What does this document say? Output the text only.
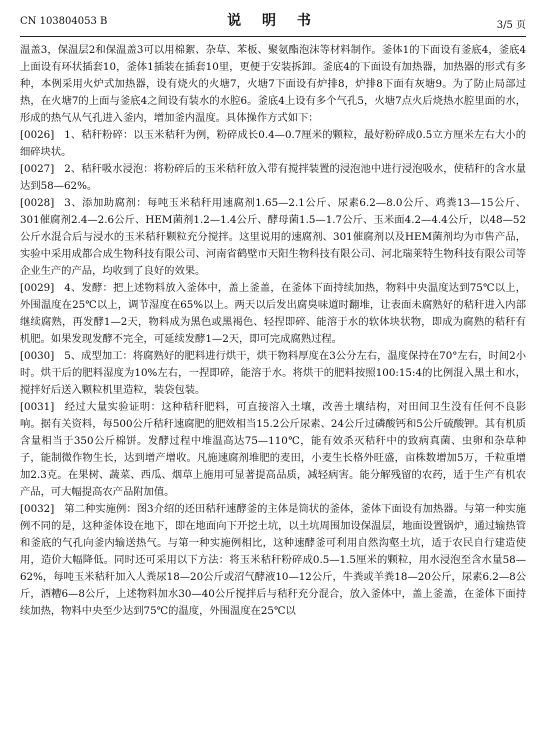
CN 103804053 B	说 明 书	3/5 页

温盖3，保温层2和保温盖3可以用棉絮、杂草、苯板、聚氨酯泡沫等材料制作。釜体1的下面设有釜底4，釜底4上面设有环状插套10，釜体1插装在插套10里，更便于安装拆卸。釜底4的下面设有加热器，加热器的形式有多种，本例采用火炉式加热器，设有烧火的火塘7，火塘7下面设有炉排8，炉排8下面有灰塘9。为了防止局部过热，在火塘7的上面与釜底4之间设有装水的水腔6。釜底4上设有多个气孔5，火塘7点火后烧热水腔里面的水，形成的热气从气孔进入釜内，增加釜内温度。具体操作方式如下：

[0026] 1、秸秆粉碎：以玉米秸秆为例，粉碎成长0.4—0.7厘米的颗粒，最好粉碎成0.5立方厘米左右大小的细碎块状。

[0027] 2、秸秆吸水浸泡：将粉碎后的玉米秸秆放入带有搅拌装置的浸泡池中进行浸泡吸水，使秸秆的含水量达到58—62%。

[0028] 3、添加助腐剂：每吨玉米秸秆用速腐剂1.65—2.1公斤、尿素6.2—8.0公斤、鸡粪13—15公斤、301催腐剂2.4—2.6公斤、HEM菌剂1.2—1.4公斤、酵母菌1.5—1.7公斤、玉米面4.2—4.4公斤，以48—52公斤水混合后与浸水的玉米秸秆颗粒充分搅拌。这里说用的速腐剂、301催腐剂以及HEM菌剂均为市售产品，实验中采用成都合成生物科技有限公司、河南省鹤壁市天阳生物科技有限公司、河北瑞莱特生物科技有限公司等企业生产的产品，均收到了良好的效果。

[0029] 4、发酵：把上述物料放入釜体中，盖上釜盖，在釜体下面持续加热，物料中央温度达到75℃以上，外围温度在25℃以上，调节湿度在65%以上。两天以后发出腐臭味道时翻堆，让表面未腐熟好的秸秆进入内部继续腐熟，再发酵1—2天，物料成为黑色或黑褐色、轻捏即碎、能溶于水的软体块状物，即成为腐熟的秸秆有机肥。如果发现发酵不完全，可延续发酵1—2天，即可完成腐熟过程。

[0030] 5、成型加工：将腐熟好的肥料进行烘干，烘干物料厚度在3公分左右，温度保持在70°左右，时间2小时。烘干后的肥料湿度为10%左右，一捏即碎，能溶于水。将烘干的肥料按照100:15:4的比例混入黑土和水，搅拌好后送入颗粒机里造粒，装袋包装。

[0031] 经过大量实验证明：这种秸秆肥料，可直接溶入土壤，改善土壤结构，对田间卫生没有任何不良影响。据有关资料，每500公斤秸秆速腐肥的肥效相当15.2公斤尿素、24公斤过磷酸钙和5公斤硫酸钾。其有机质含量相当于350公斤棉饼。发酵过程中堆温高达75—110℃，能有效杀灭秸秆中的致病真菌、虫卵和杂草种子，能制微作物生长，达到增产增收。凡施速腐剂堆肥的麦田，小麦生长格外旺盛，亩株数增加5万，千粒重增加2.3克。在果树、蔬菜、西瓜、烟草上施用可显著提高品质，减轻病害。能分解残留的农药，适于生产有机农产品，可大幅提高农产品附加值。

[0032] 第二种实施例：图3介绍的还田秸秆速酵釜的主体是筒状的釜体，釜体下面设有加热器。与第一种实施例不同的是，这种釜体设在地下，即在地面向下开挖土坑，以土坑周围加设保温层，地面设置锅炉，通过输热管和釜底的气孔向釜内输送热气。与第一种实施例相比，这种速酵釜可利用自然沟壑土坑，适于农民自行建造使用，造价大幅降低。同时还可采用以下方法：将玉米秸秆粉碎成0.5—1.5厘米的颗粒，用水浸泡至含水量58—62%，每吨玉米秸秆加入人粪尿18—20公斤或沼气酵液10—12公斤，牛粪或羊粪18—20公斤，尿素6.2—8公斤，酒糟6—8公斤，上述物料加水30—40公斤搅拌后与秸秆充分混合，放入釜体中，盖上釜盖，在釜体下面持续加热，物料中央至少达到75℃的温度，外围温度在25℃以
